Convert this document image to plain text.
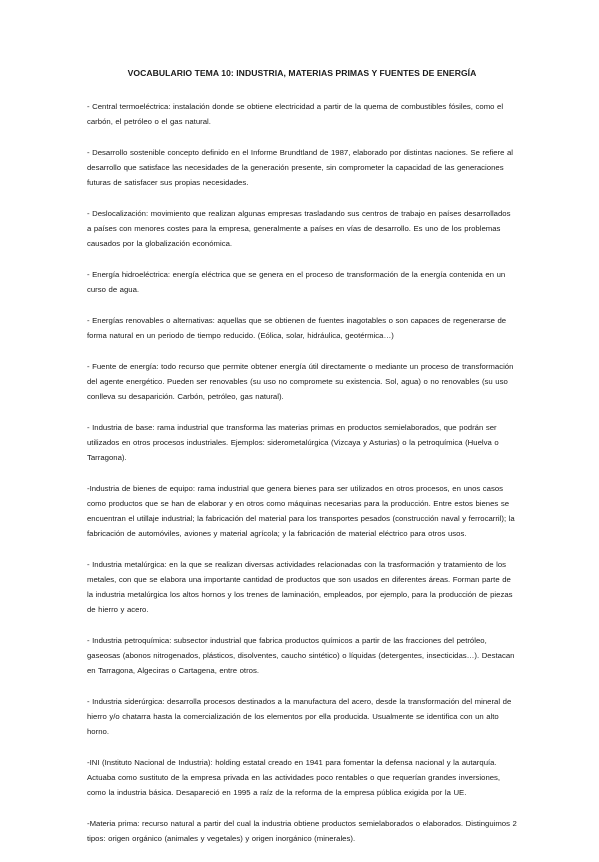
VOCABULARIO TEMA 10: INDUSTRIA, MATERIAS PRIMAS Y FUENTES DE ENERGÍA

- Central termoeléctrica: instalación donde se obtiene electricidad a partir de la quema de combustibles fósiles, como el carbón, el petróleo o el gas natural.

- Desarrollo sostenible concepto definido en el Informe Brundtland de 1987, elaborado por distintas naciones. Se refiere al desarrollo que satisface las necesidades de la generación presente, sin comprometer la capacidad de las generaciones futuras de satisfacer sus propias necesidades.

- Deslocalización: movimiento que realizan algunas empresas trasladando sus centros de trabajo en países desarrollados a países con menores costes para la empresa, generalmente a países en vías de desarrollo. Es uno de los problemas causados por la globalización económica.

- Energía hidroeléctrica: energía eléctrica que se genera en el proceso de transformación de la energía contenida en un curso de agua.

- Energías renovables o alternativas: aquellas que se obtienen de fuentes inagotables o son capaces de regenerarse de forma natural en un periodo de tiempo reducido. (Eólica, solar, hidráulica, geotérmica…)

- Fuente de energía: todo recurso que permite obtener energía útil directamente o mediante un proceso de transformación del agente energético. Pueden ser renovables (su uso no compromete su existencia. Sol, agua) o no renovables (su uso conlleva su desaparición. Carbón, petróleo, gas natural).

- Industria de base: rama industrial que transforma las materias primas en productos semielaborados, que podrán ser utilizados en otros procesos industriales. Ejemplos: siderometalúrgica (Vizcaya y Asturias) o la petroquímica (Huelva o Tarragona).

-Industria de bienes de equipo: rama industrial que genera bienes para ser utilizados en otros procesos, en unos casos como productos que se han de elaborar y en otros como máquinas necesarias para la producción. Entre estos bienes se encuentran el utillaje industrial; la fabricación del material para los transportes pesados (construcción naval y ferrocarril); la fabricación de automóviles, aviones y material agrícola; y la fabricación de material eléctrico para otros usos.

- Industria metalúrgica: en la que se realizan diversas actividades relacionadas con la trasformación y tratamiento de los metales, con que se elabora una importante cantidad de productos que son usados en diferentes áreas. Forman parte de la industria metalúrgica los altos hornos y los trenes de laminación, empleados, por ejemplo, para la producción de piezas de hierro y acero.

- Industria petroquímica: subsector industrial que fabrica productos químicos a partir de las fracciones del petróleo, gaseosas (abonos nitrogenados, plásticos, disolventes, caucho sintético) o líquidas (detergentes, insecticidas…). Destacan en Tarragona, Algeciras o Cartagena, entre otros.

- Industria siderúrgica: desarrolla procesos destinados a la manufactura del acero, desde la transformación del mineral de hierro y/o chatarra hasta la comercialización de los elementos por ella producida. Usualmente se identifica con un alto horno.

-INI (Instituto Nacional de Industria): holding estatal creado en 1941 para fomentar la defensa nacional y la autarquía. Actuaba como sustituto de la empresa privada en las actividades poco rentables o que requerían grandes inversiones, como la industria básica. Desapareció en 1995 a raíz de la reforma de la empresa pública exigida por la UE.

-Materia prima: recurso natural a partir del cual la industria obtiene productos semielaborados o elaborados. Distinguimos 2 tipos: origen orgánico (animales y vegetales) y origen inorgánico (minerales).
